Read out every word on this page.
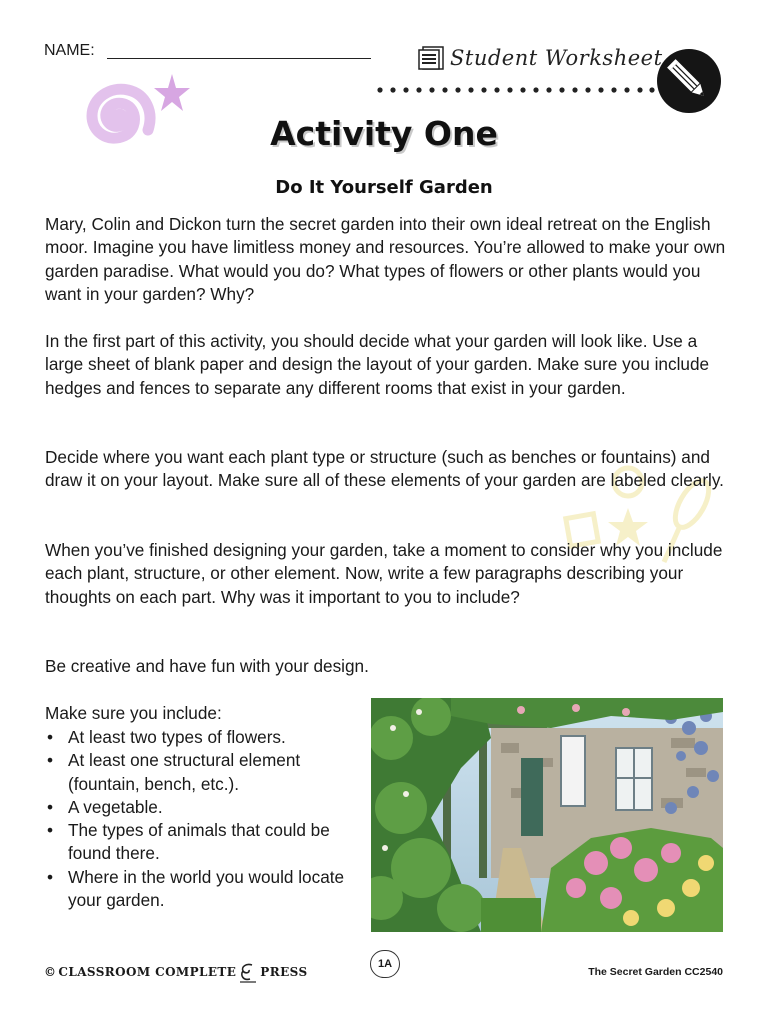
NAME:	Student Worksheet
Activity One
Do It Yourself Garden

Mary, Colin and Dickon turn the secret garden into their own ideal retreat on the English moor. Imagine you have limitless money and resources. You’re allowed to make your own garden paradise. What would you do? What types of flowers or other plants would you want in your garden? Why?

In the first part of this activity, you should decide what your garden will look like. Use a large sheet of blank paper and design the layout of your garden. Make sure you include hedges and fences to separate any different rooms that exist in your garden.

Decide where you want each plant type or structure (such as benches or fountains) and draw it on your layout. Make sure all of these elements of your garden are labeled clearly.

When you’ve finished designing your garden, take a moment to consider why you include each plant, structure, or other element. Now, write a few paragraphs describing your thoughts on each part. Why was it important to you to include?

Be creative and have fun with your design.

Make sure you include:
• At least two types of flowers.
• At least one structural element (fountain, bench, etc.).
• A vegetable.
• The types of animals that could be found there.
• Where in the world you would locate your garden.
© CLASSROOM COMPLETE PRESS
1A
The Secret Garden CC2540
